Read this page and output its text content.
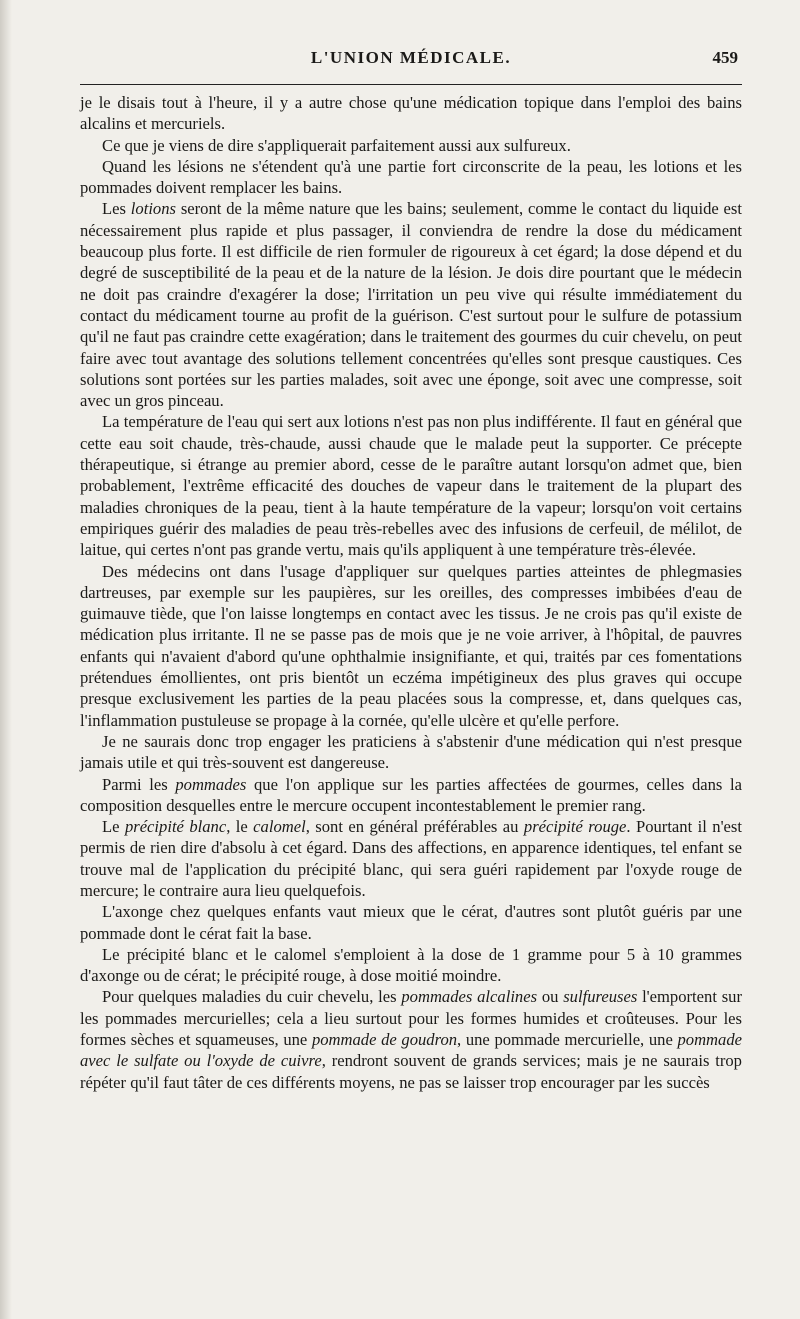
L'UNION MÉDICALE.	459

je le disais tout à l'heure, il y a autre chose qu'une médication topique dans l'emploi des bains alcalins et mercuriels.

Ce que je viens de dire s'appliquerait parfaitement aussi aux sulfureux.

Quand les lésions ne s'étendent qu'à une partie fort circonscrite de la peau, les lotions et les pommades doivent remplacer les bains.

Les lotions seront de la même nature que les bains; seulement, comme le contact du liquide est nécessairement plus rapide et plus passager, il conviendra de rendre la dose du médicament beaucoup plus forte. Il est difficile de rien formuler de rigoureux à cet égard; la dose dépend et du degré de susceptibilité de la peau et de la nature de la lésion. Je dois dire pourtant que le médecin ne doit pas craindre d'exagérer la dose; l'irritation un peu vive qui résulte immédiatement du contact du médicament tourne au profit de la guérison. C'est surtout pour le sulfure de potassium qu'il ne faut pas craindre cette exagération; dans le traitement des gourmes du cuir chevelu, on peut faire avec tout avantage des solutions tellement concentrées qu'elles sont presque caustiques. Ces solutions sont portées sur les parties malades, soit avec une éponge, soit avec une compresse, soit avec un gros pinceau.

La température de l'eau qui sert aux lotions n'est pas non plus indifférente. Il faut en général que cette eau soit chaude, très-chaude, aussi chaude que le malade peut la supporter. Ce précepte thérapeutique, si étrange au premier abord, cesse de le paraître autant lorsqu'on admet que, bien probablement, l'extrême efficacité des douches de vapeur dans le traitement de la plupart des maladies chroniques de la peau, tient à la haute température de la vapeur; lorsqu'on voit certains empiriques guérir des maladies de peau très-rebelles avec des infusions de cerfeuil, de mélilot, de laitue, qui certes n'ont pas grande vertu, mais qu'ils appliquent à une température très-élevée.

Des médecins ont dans l'usage d'appliquer sur quelques parties atteintes de phlegmasies dartreuses, par exemple sur les paupières, sur les oreilles, des compresses imbibées d'eau de guimauve tiède, que l'on laisse longtemps en contact avec les tissus. Je ne crois pas qu'il existe de médication plus irritante. Il ne se passe pas de mois que je ne voie arriver, à l'hôpital, de pauvres enfants qui n'avaient d'abord qu'une ophthalmie insignifiante, et qui, traités par ces fomentations prétendues émollientes, ont pris bientôt un eczéma impétigineux des plus graves qui occupe presque exclusivement les parties de la peau placées sous la compresse, et, dans quelques cas, l'inflammation pustuleuse se propage à la cornée, qu'elle ulcère et qu'elle perfore.

Je ne saurais donc trop engager les praticiens à s'abstenir d'une médication qui n'est presque jamais utile et qui très-souvent est dangereuse.

Parmi les pommades que l'on applique sur les parties affectées de gourmes, celles dans la composition desquelles entre le mercure occupent incontestablement le premier rang.

Le précipité blanc, le calomel, sont en général préférables au précipité rouge. Pourtant il n'est permis de rien dire d'absolu à cet égard. Dans des affections, en apparence identiques, tel enfant se trouve mal de l'application du précipité blanc, qui sera guéri rapidement par l'oxyde rouge de mercure; le contraire aura lieu quelquefois.

L'axonge chez quelques enfants vaut mieux que le cérat, d'autres sont plutôt guéris par une pommade dont le cérat fait la base.

Le précipité blanc et le calomel s'emploient à la dose de 1 gramme pour 5 à 10 grammes d'axonge ou de cérat; le précipité rouge, à dose moitié moindre.

Pour quelques maladies du cuir chevelu, les pommades alcalines ou sulfureuses l'emportent sur les pommades mercurielles; cela a lieu surtout pour les formes humides et croûteuses. Pour les formes sèches et squameuses, une pommade de goudron, une pommade mercurielle, une pommade avec le sulfate ou l'oxyde de cuivre, rendront souvent de grands services; mais je ne saurais trop répéter qu'il faut tâter de ces différents moyens, ne pas se laisser trop encourager par les succès
